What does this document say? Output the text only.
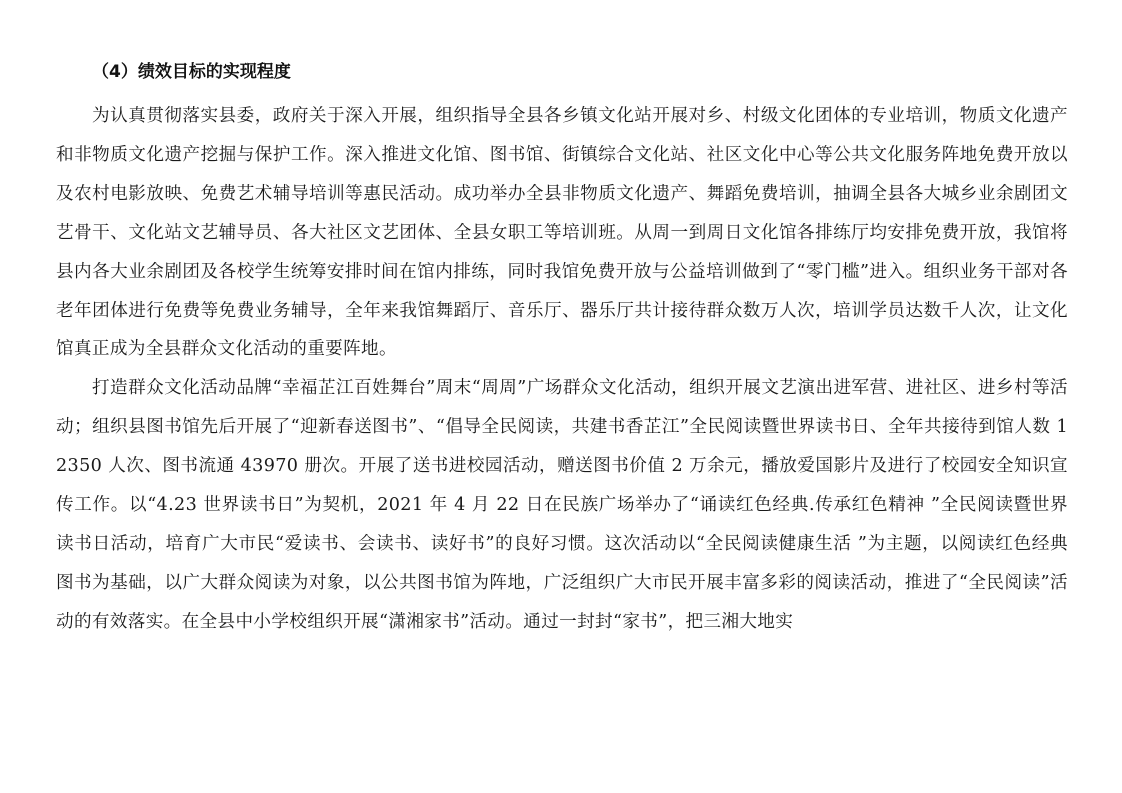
（4）绩效目标的实现程度

为认真贯彻落实县委，政府关于深入开展，组织指导全县各乡镇文化站开展对乡、村级文化团体的专业培训，物质文化遗产和非物质文化遗产挖掘与保护工作。深入推进文化馆、图书馆、街镇综合文化站、社区文化中心等公共文化服务阵地免费开放以及农村电影放映、免费艺术辅导培训等惠民活动。成功举办全县非物质文化遗产、舞蹈免费培训，抽调全县各大城乡业余剧团文艺骨干、文化站文艺辅导员、各大社区文艺团体、全县女职工等培训班。从周一到周日文化馆各排练厅均安排免费开放，我馆将县内各大业余剧团及各校学生统筹安排时间在馆内排练，同时我馆免费开放与公益培训做到了“零门槛”进入。组织业务干部对各老年团体进行免费等免费业务辅导，全年来我馆舞蹈厅、音乐厅、器乐厅共计接待群众数万人次，培训学员达数千人次，让文化馆真正成为全县群众文化活动的重要阵地。

打造群众文化活动品牌“幸福芷江百姓舞台”周末“周周”广场群众文化活动，组织开展文艺演出进军营、进社区、进乡村等活动；组织县图书馆先后开展了“迎新春送图书”、“倡导全民阅读，共建书香芷江”全民阅读暨世界读书日、全年共接待到馆人数 12350 人次、图书流通 43970 册次。开展了送书进校园活动，赠送图书价值 2 万余元，播放爱国影片及进行了校园安全知识宣传工作。以“4.23 世界读书日”为契机，2021 年 4 月 22 日在民族广场举办了“诵读红色经典.传承红色精神 ”全民阅读暨世界读书日活动，培育广大市民“爱读书、会读书、读好书”的良好习惯。这次活动以“全民阅读健康生活 ”为主题，以阅读红色经典图书为基础，以广大群众阅读为对象，以公共图书馆为阵地，广泛组织广大市民开展丰富多彩的阅读活动，推进了“全民阅读”活动的有效落实。在全县中小学校组织开展“潇湘家书”活动。通过一封封“家书”，把三湘大地实
